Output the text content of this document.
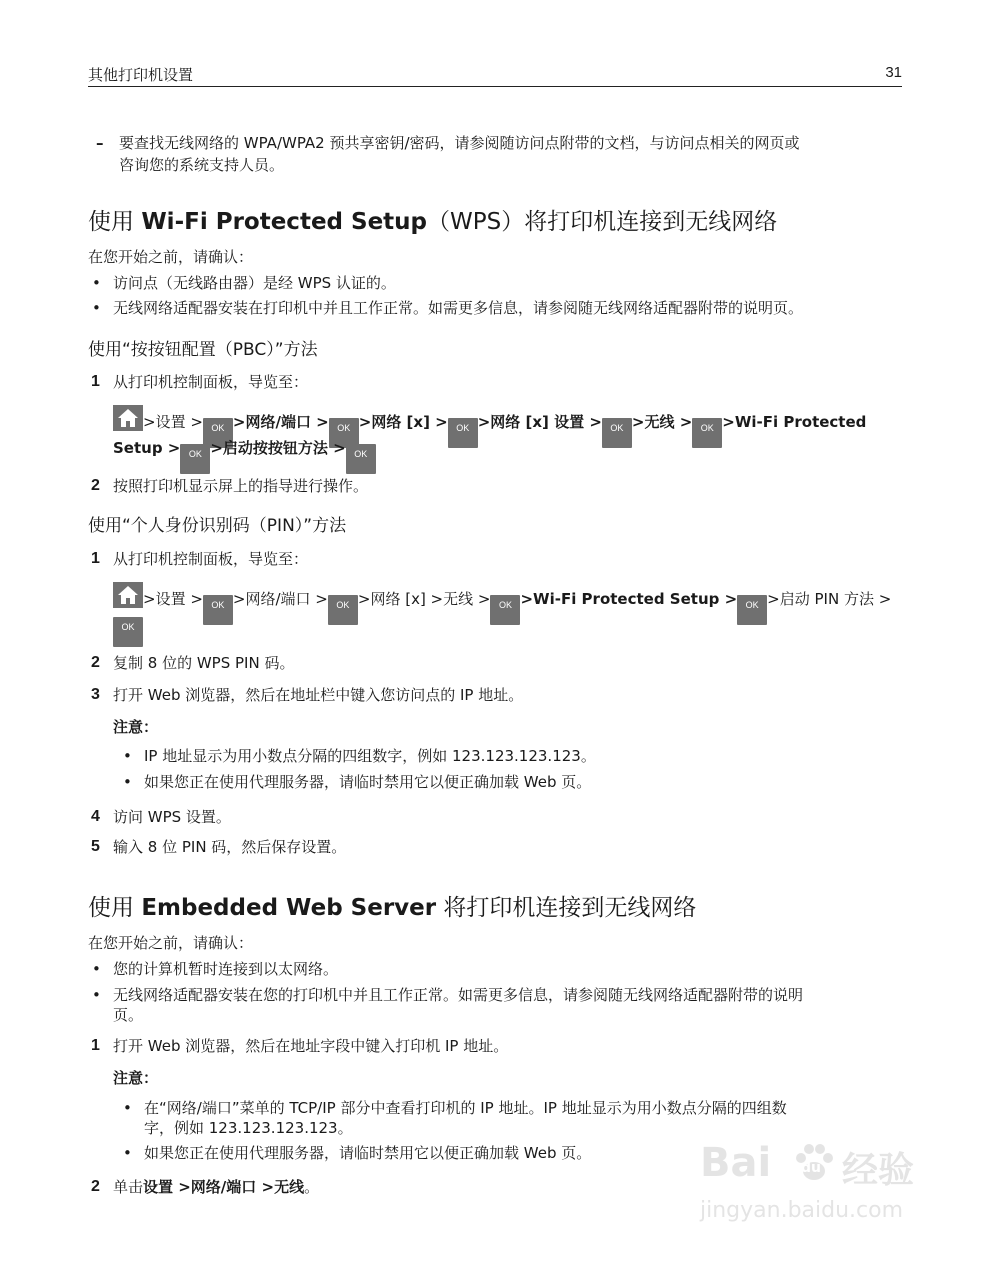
其他打印机设置	31
– 要查找无线网络的 WPA/WPA2 预共享密钥/密码，请参阅随访问点附带的文档，与访问点相关的网页或
咨询您的系统支持人员。
使用 Wi-Fi Protected Setup（WPS）将打印机连接到无线网络
在您开始之前，请确认：
• 访问点（无线路由器）是经 WPS 认证的。
• 无线网络适配器安装在打印机中并且工作正常。如需更多信息，请参阅随无线网络适配器附带的说明页。
使用“按按钮配置（PBC）”方法
1 从打印机控制面板，导览至：
>设置 > OK >网络/端口 > OK >网络 [x] > OK >网络 [x] 设置 > OK >无线 > OK >Wi-Fi Protected
Setup > OK >启动按按钮方法 > OK
2 按照打印机显示屏上的指导进行操作。
使用“个人身份识别码（PIN）”方法
1 从打印机控制面板，导览至：
>设置 > OK >网络/端口 > OK >网络 [x] >无线 > OK >Wi-Fi Protected Setup > OK >启动 PIN 方法 >
OK
2 复制 8 位的 WPS PIN 码。
3 打开 Web 浏览器，然后在地址栏中键入您访问点的 IP 地址。
注意：
• IP 地址显示为用小数点分隔的四组数字，例如 123.123.123.123。
• 如果您正在使用代理服务器，请临时禁用它以便正确加载 Web 页。
4 访问 WPS 设置。
5 输入 8 位 PIN 码，然后保存设置。
使用 Embedded Web Server 将打印机连接到无线网络
在您开始之前，请确认：
• 您的计算机暂时连接到以太网络。
• 无线网络适配器安装在您的打印机中并且工作正常。如需更多信息，请参阅随无线网络适配器附带的说明
页。
1 打开 Web 浏览器，然后在地址字段中键入打印机 IP 地址。
注意：
• 在“网络/端口”菜单的 TCP/IP 部分中查看打印机的 IP 地址。IP 地址显示为用小数点分隔的四组数
字，例如 123.123.123.123。
• 如果您正在使用代理服务器，请临时禁用它以便正确加载 Web 页。
2 单击设置 >网络/端口 >无线。
Bai du 经验
jingyan.baidu.com
